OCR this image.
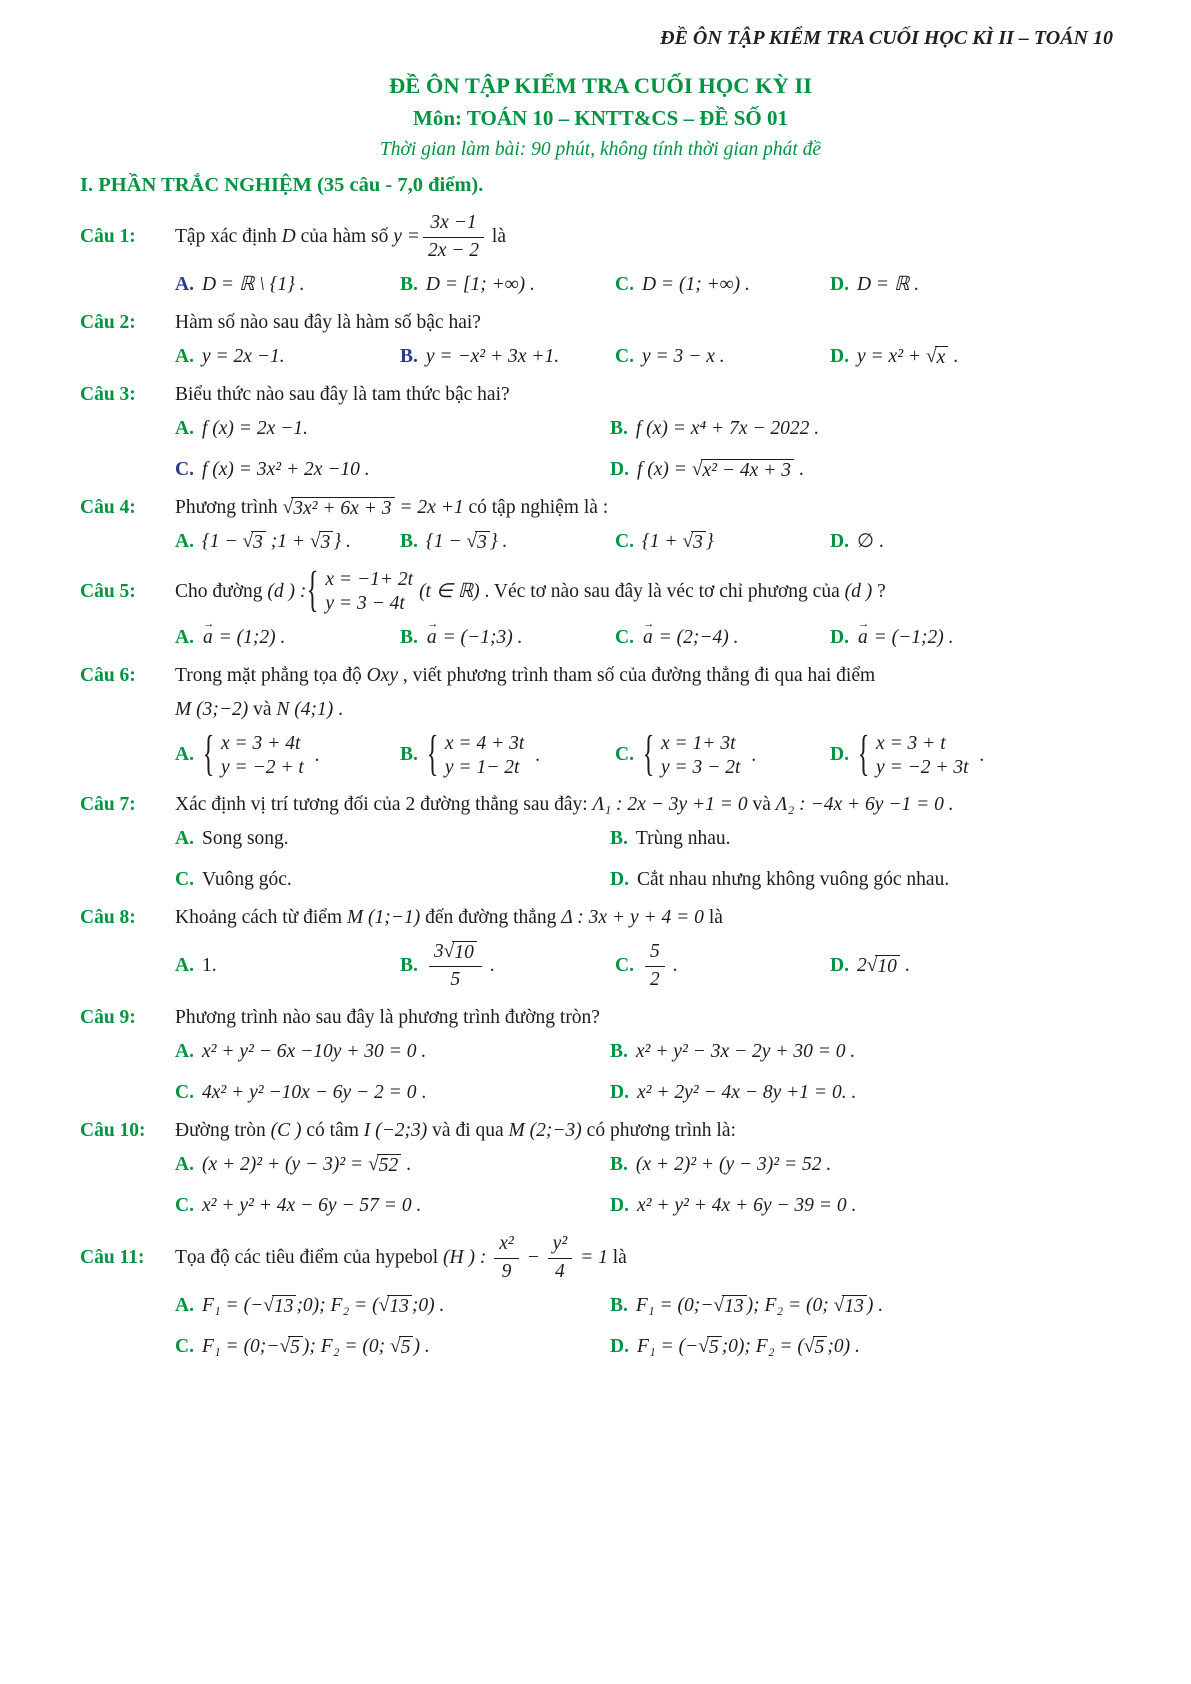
ĐỀ ÔN TẬP KIỂM TRA CUỐI HỌC KÌ II – TOÁN 10
ĐỀ ÔN TẬP KIỂM TRA CUỐI HỌC KỲ II
Môn: TOÁN 10 – KNTT&CS – ĐỀ SỐ 01
Thời gian làm bài: 90 phút, không tính thời gian phát đề
I. PHẦN TRẮC NGHIỆM (35 câu - 7,0 điểm).
Câu 1:	Tập xác định D của hàm số $y = \frac{3x -1}{2x - 2}$ là
A. D = ℝ \ {1} .	B. D = [1; +∞) .	C. D = (1; +∞) .	D. D = ℝ .
Câu 2:	Hàm số nào sau đây là hàm số bậc hai?
A. y = 2x −1.	B. y = −x² + 3x +1.	C. y = 3 − x .	D. y = x² + √ x .
Câu 3:	Biểu thức nào sau đây là tam thức bậc hai?
A. f (x) = 2x −1.	B. f (x) = x⁴ + 7x − 2022 .
C. f (x) = 3x² + 2x −10 .	D. f (x) = √ x² − 4x + 3 .
Câu 4:	Phương trình √ 3x² + 6x + 3 = 2x +1 có tập nghiệm là :
A. {1 − √ 3 ;1 + √ 3 } .	B. {1 − √ 3 } .	C. {1 + √ 3 }	D. ∅ .
Câu 5:	Cho đường (d ) :
{ x = −1+ 2t
y = 3 − 4t
(t ∈ ℝ) . Véc tơ nào sau đây là véc tơ chỉ phương của (d ) ?
A. → a = (1;2) .	B. → a = (−1;3) .	C. → a = (2;−4) .	D. → a = (−1;2) .
Câu 6:	Trong mặt phẳng tọa độ Oxy , viết phương trình tham số của đường thẳng đi qua hai điểm
M (3;−2) và N (4;1) .
A.
{ x = 3 + 4t
y = −2 + t
.	B.
{ x = 4 + 3t
y = 1− 2t
.	C.
{ x = 1+ 3t
y = 3 − 2t
.	D.
{ x = 3 + t
y = −2 + 3t
.
Câu 7:	Xác định vị trí tương đối của 2 đường thẳng sau đây: Λ₁ : 2x − 3y +1 = 0 và Λ₂ : −4x + 6y −1 = 0 .
A. Song song.	B. Trùng nhau.
C. Vuông góc.	D. Cắt nhau nhưng không vuông góc nhau.
Câu 8:	Khoảng cách từ điểm M (1;−1) đến đường thẳng Δ : 3x + y + 4 = 0 là
A. 1.	B. $\frac{3 √ 10}{5}$ .	C. $\frac{5}{2}$ .	D. 2 √ 10 .
Câu 9:	Phương trình nào sau đây là phương trình đường tròn?
A. x² + y² − 6x −10y + 30 = 0 .	B. x² + y² − 3x − 2y + 30 = 0 .
C. 4x² + y² −10x − 6y − 2 = 0 .	D. x² + 2y² − 4x − 8y +1 = 0. .
Câu 10:	Đường tròn (C ) có tâm I (−2;3) và đi qua M (2;−3) có phương trình là:
A. (x + 2)² + (y − 3)² = √ 52 .	B. (x + 2)² + (y − 3)² = 52 .
C. x² + y² + 4x − 6y − 57 = 0 .	D. x² + y² + 4x + 6y − 39 = 0 .
Câu 11:	Tọa độ các tiêu điểm của hypebol (H ) : $\frac{\text{x²}}{9} - \frac{\text{y²}}{4} = 1$ là
A. F₁ = (− √ 13 ;0); F₂ = ( √ 13 ;0) .	B. F₁ = (0;− √ 13 ); F₂ = (0; √ 13 ) .
C. F₁ = (0;− √ 5 ); F₂ = (0; √ 5 ) .	D. F₁ = (− √ 5 ;0); F₂ = ( √ 5 ;0) .
